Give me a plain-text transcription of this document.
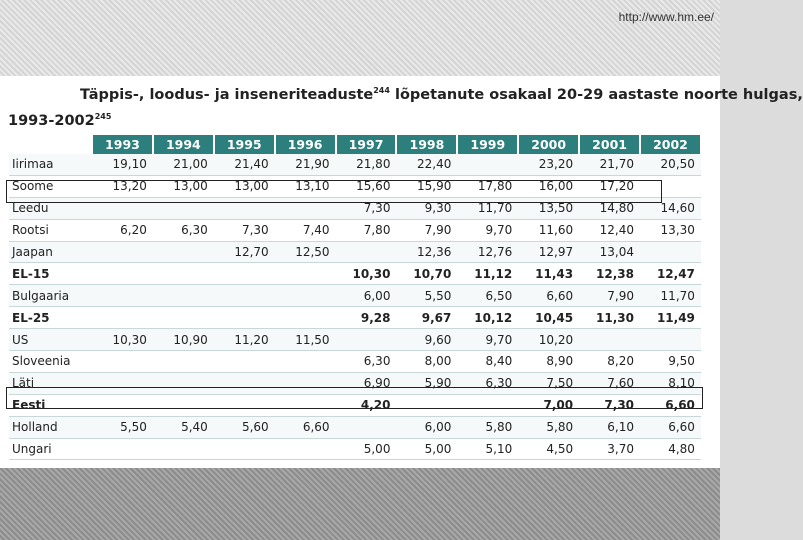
http://www.hm.ee/
Täppis-, loodus- ja inseneriteaduste$^{244}$ lõpetanute osakaal 20-29 aastaste noorte hulgas,
1993-2002$^{245}$
	1993	1994	1995	1996	1997	1998	1999	2000	2001	2002
Iirimaa	19,10	21,00	21,40	21,90	21,80	22,40		23,20	21,70	20,50
Soome	13,20	13,00	13,00	13,10	15,60	15,90	17,80	16,00	17,20	
Leedu					7,30	9,30	11,70	13,50	14,80	14,60
Rootsi	6,20	6,30	7,30	7,40	7,80	7,90	9,70	11,60	12,40	13,30
Jaapan			12,70	12,50		12,36	12,76	12,97	13,04	
EL-15					10,30	10,70	11,12	11,43	12,38	12,47
Bulgaaria					6,00	5,50	6,50	6,60	7,90	11,70
EL-25					9,28	9,67	10,12	10,45	11,30	11,49
US	10,30	10,90	11,20	11,50		9,60	9,70	10,20		
Sloveenia					6,30	8,00	8,40	8,90	8,20	9,50
Läti					6,90	5,90	6,30	7,50	7,60	8,10
Eesti					4,20			7,00	7,30	6,60
Holland	5,50	5,40	5,60	6,60		6,00	5,80	5,80	6,10	6,60
Ungari					5,00	5,00	5,10	4,50	3,70	4,80
